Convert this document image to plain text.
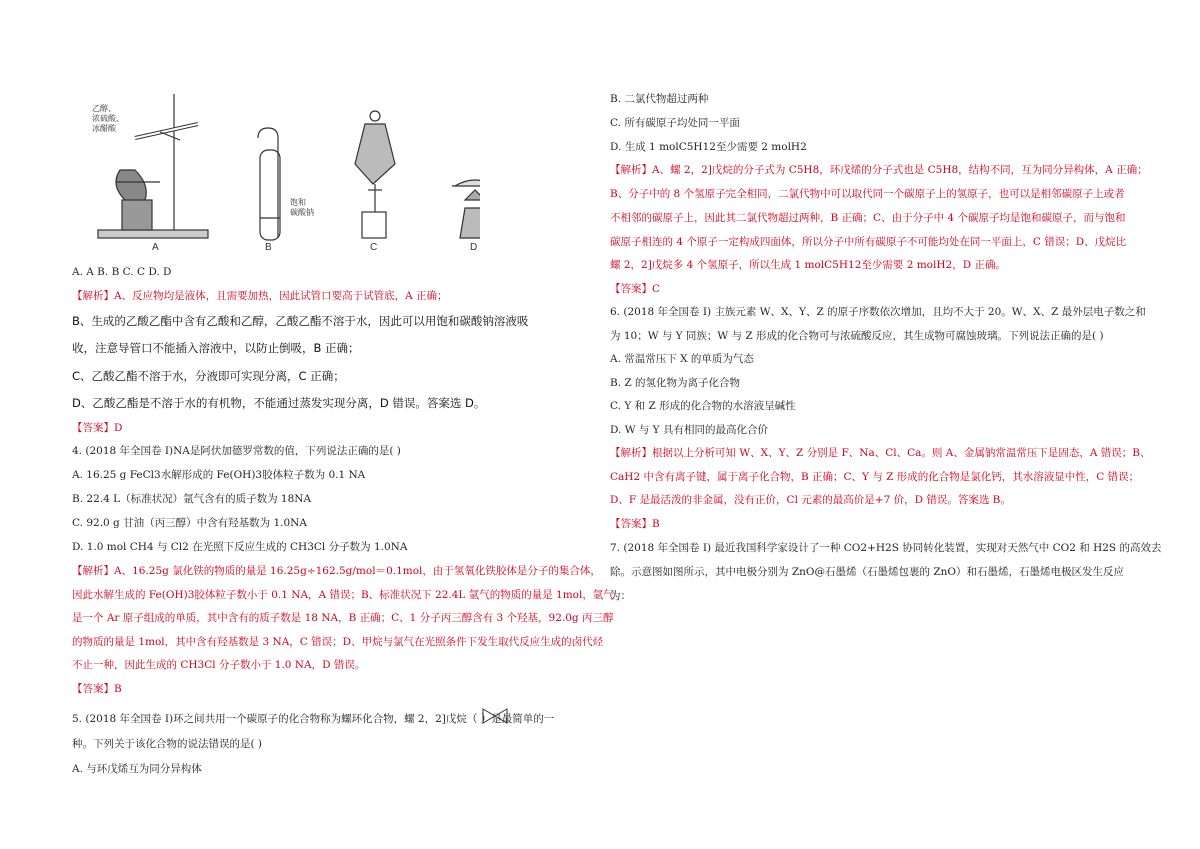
乙醇、
浓硫酸、
冰醋酸
饱和
碳酸钠
A	B	C	D
A. A B. B C. C D. D
【解析】A、反应物均是液体，且需要加热，因此试管口要高于试管底，A 正确；
B、生成的乙酸乙酯中含有乙酸和乙醇，乙酸乙酯不溶于水，因此可以用饱和碳酸钠溶液吸
收，注意导管口不能插入溶液中，以防止倒吸，B 正确；
C、乙酸乙酯不溶于水，分液即可实现分离，C 正确；
D、乙酸乙酯是不溶于水的有机物，不能通过蒸发实现分离，D 错误。答案选 D。
【答案】D
4. (2018 年全国卷 I)NA是阿伏加德罗常数的值，下列说法正确的是( )
A. 16.25 g FeCl3水解形成的 Fe(OH)3胶体粒子数为 0.1 NA
B. 22.4 L（标准状况）氩气含有的质子数为 18NA
C. 92.0 g 甘油（丙三醇）中含有羟基数为 1.0NA
D. 1.0 mol CH4 与 Cl2 在光照下反应生成的 CH3Cl 分子数为 1.0NA
【解析】A、16.25g 氯化铁的物质的量是 16.25g÷162.5g/mol＝0.1mol，由于氢氧化铁胶体是分子的集合体，
因此水解生成的 Fe(OH)3胶体粒子数小于 0.1 NA，A 错误；B、标准状况下 22.4L 氩气的物质的量是 1mol，氩气
是一个 Ar 原子组成的单质，其中含有的质子数是 18 NA，B 正确；C、1 分子丙三醇含有 3 个羟基，92.0g 丙三醇
的物质的量是 1mol，其中含有羟基数是 3 NA，C 错误；D、甲烷与氯气在光照条件下发生取代反应生成的卤代烃
不止一种，因此生成的 CH3Cl 分子数小于 1.0 NA，D 错误。
【答案】B
5. (2018 年全国卷 I)环之间共用一个碳原子的化合物称为螺环化合物，螺 2，2]戊烷（ ）是最简单的一
种。下列关于该化合物的说法错误的是( )
A. 与环戊烯互为同分异构体
B. 二氯代物超过两种
C. 所有碳原子均处同一平面
D. 生成 1 molC5H12至少需要 2 molH2
【解析】A、螺 2，2]戊烷的分子式为 C5H8，环戊烯的分子式也是 C5H8，结构不同，互为同分异构体，A 正确；
B、分子中的 8 个氢原子完全相同，二氯代物中可以取代同一个碳原子上的氢原子，也可以是相邻碳原子上或者
不相邻的碳原子上，因此其二氯代物超过两种，B 正确；C、由于分子中 4 个碳原子均是饱和碳原子，而与饱和
碳原子相连的 4 个原子一定构成四面体，所以分子中所有碳原子不可能均处在同一平面上，C 错误；D、戊烷比
螺 2，2]戊烷多 4 个氢原子，所以生成 1 molC5H12至少需要 2 molH2，D 正确。
【答案】C
6. (2018 年全国卷 I) 主族元素 W、X、Y、Z 的原子序数依次增加，且均不大于 20。W、X、Z 最外层电子数之和
为 10；W 与 Y 同族；W 与 Z 形成的化合物可与浓硫酸反应，其生成物可腐蚀玻璃。下列说法正确的是( )
A. 常温常压下 X 的单质为气态
B. Z 的氢化物为离子化合物
C. Y 和 Z 形成的化合物的水溶液呈碱性
D. W 与 Y 具有相同的最高化合价
【解析】根据以上分析可知 W、X、Y、Z 分别是 F、Na、Cl、Ca。则 A、金属钠常温常压下是固态，A 错误；B、
CaH2 中含有离子键，属于离子化合物，B 正确；C、Y 与 Z 形成的化合物是氯化钙，其水溶液显中性，C 错误；
D、F 是最活泼的非金属，没有正价，Cl 元素的最高价是+7 价，D 错误。答案选 B。
【答案】B
7. (2018 年全国卷 I) 最近我国科学家设计了一种 CO2+H2S 协同转化装置，实现对天然气中 CO2 和 H2S 的高效去
除。示意图如图所示，其中电极分别为 ZnO@石墨烯（石墨烯包裹的 ZnO）和石墨烯，石墨烯电极区发生反应
为：
